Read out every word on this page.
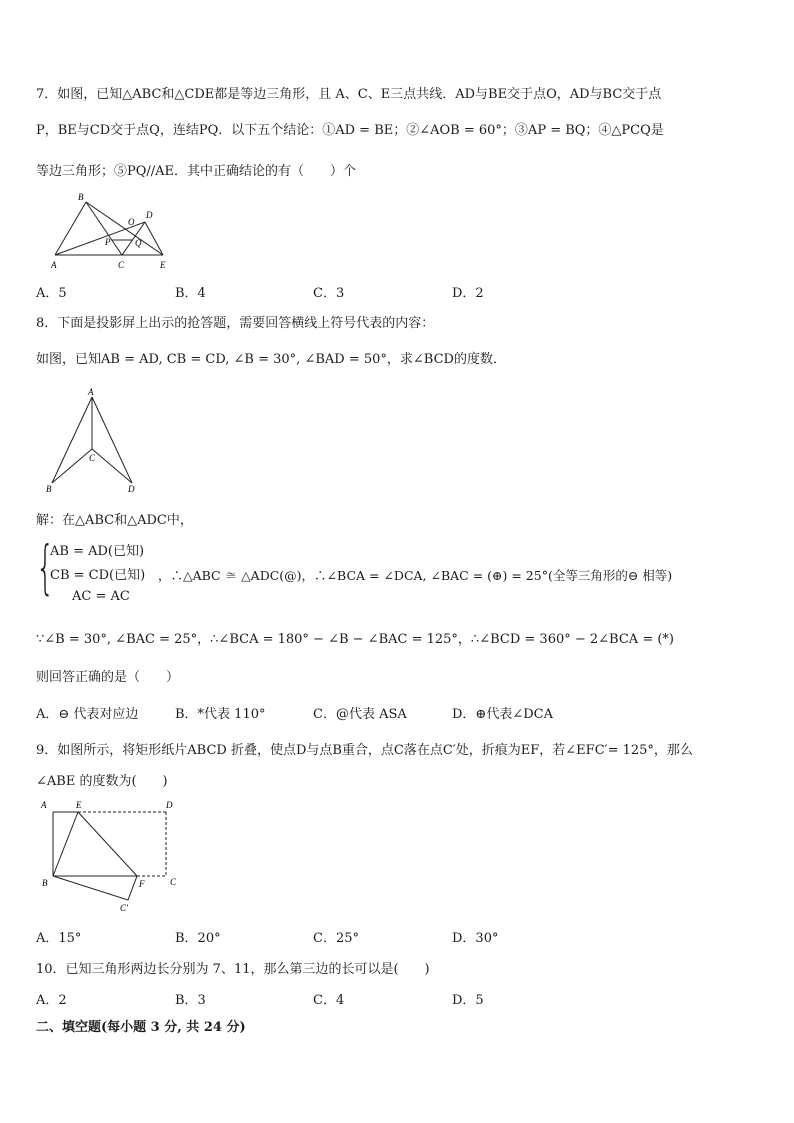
7．如图，已知△ABC和△CDE都是等边三角形，且 A、C、E三点共线．AD与BE交于点O，AD与BC交于点
P，BE与CD交于点Q，连结PQ．以下五个结论：①AD = BE；②∠AOB = 60°；③AP = BQ；④△PCQ是
等边三角形；⑤PQ//AE．其中正确结论的有（　　）个
B
O
D
P	Q
A	C	E
A．5	B．4	C．3	D．2
8．下面是投影屏上出示的抢答题，需要回答横线上符号代表的内容：
如图，已知AB = AD, CB = CD, ∠B = 30°, ∠BAD = 50°，求∠BCD的度数．
A
B
C
D
解：在△ABC和△ADC中，
{
AB = AD(已知)
CB = CD(已知)
AC = AC
，∴△ABC ≅ △ADC(@)，∴∠BCA = ∠DCA, ∠BAC = (⊕) = 25°(全等三角形的⊖ 相等)
∵∠B = 30°, ∠BAC = 25°，∴∠BCA = 180° − ∠B − ∠BAC = 125°，∴∠BCD = 360° − 2∠BCA = (*)
则回答正确的是（　　）
A．⊖ 代表对应边	B．*代表 110°	C．@代表 ASA	D．⊕代表∠DCA
9．如图所示，将矩形纸片ABCD 折叠，使点D与点B重合，点C落在点C′处，折痕为EF，若∠EFC′= 125°，那么
∠ABE 的度数为(　　)
A	E	D
B	F	C
C′
A．15°	B．20°	C．25°	D．30°
10．已知三角形两边长分别为 7、11，那么第三边的长可以是(　　)
A．2	B．3	C．4	D．5
二、填空题(每小题 3 分, 共 24 分)
